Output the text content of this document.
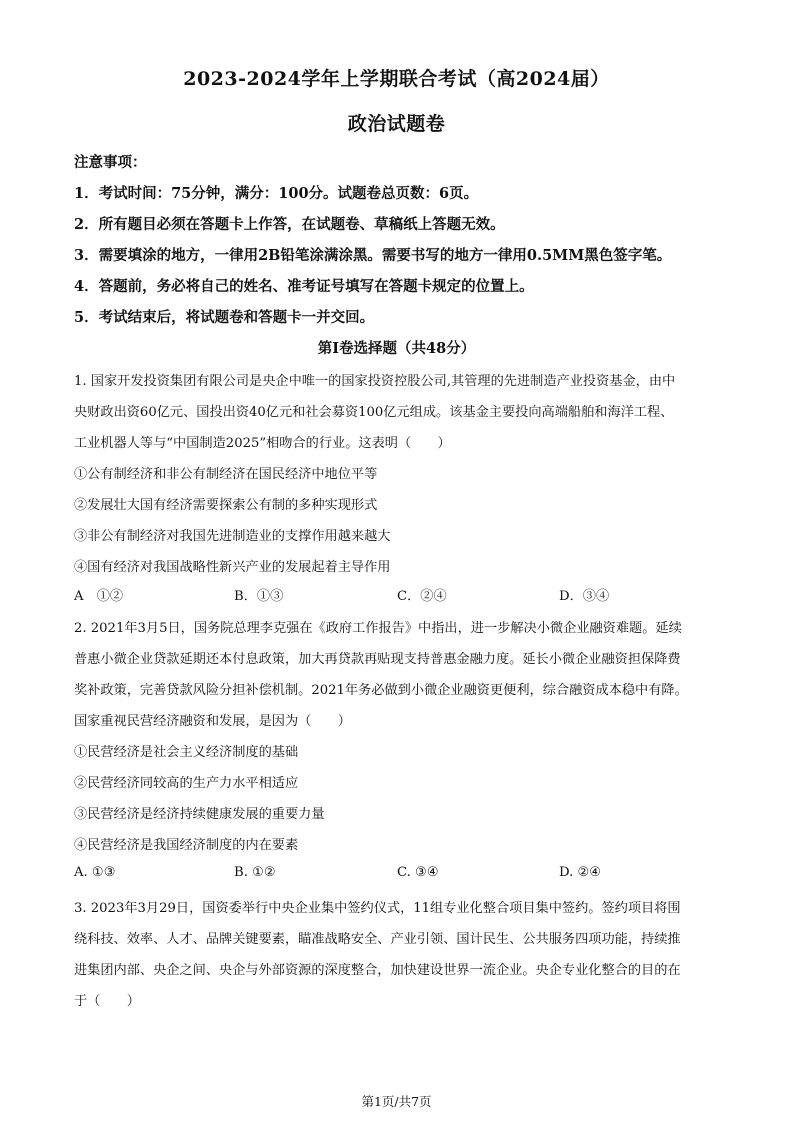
2023-2024学年上学期联合考试（高2024届）
政治试题卷
注意事项：
1．考试时间：75分钟，满分：100分。试题卷总页数：6页。
2．所有题目必须在答题卡上作答，在试题卷、草稿纸上答题无效。
3．需要填涂的地方，一律用2B铅笔涂满涂黑。需要书写的地方一律用0.5MM黑色签字笔。
4．答题前，务必将自己的姓名、准考证号填写在答题卡规定的位置上。
5．考试结束后，将试题卷和答题卡一并交回。
第Ⅰ卷选择题（共48分）
1. 国家开发投资集团有限公司是央企中唯一的国家投资控股公司,其管理的先进制造产业投资基金，由中
央财政出资60亿元、国投出资40亿元和社会募资100亿元组成。该基金主要投向高端船舶和海洋工程、
工业机器人等与“中国制造2025”相吻合的行业。这表明（　　）
①公有制经济和非公有制经济在国民经济中地位平等
②发展壮大国有经济需要探索公有制的多种实现形式
③非公有制经济对我国先进制造业的支撑作用越来越大
④国有经济对我国战略性新兴产业的发展起着主导作用
A　①②	B．①③	C．②④	D．③④
2. 2021年3月5日，国务院总理李克强在《政府工作报告》中指出，进一步解决小微企业融资难题。延续
普惠小微企业贷款延期还本付息政策，加大再贷款再贴现支持普惠金融力度。延长小微企业融资担保降费
奖补政策，完善贷款风险分担补偿机制。2021年务必做到小微企业融资更便利，综合融资成本稳中有降。
国家重视民营经济融资和发展，是因为（　　）
①民营经济是社会主义经济制度的基础
②民营经济同较高的生产力水平相适应
③民营经济是经济持续健康发展的重要力量
④民营经济是我国经济制度的内在要素
A. ①③	B. ①②	C. ③④	D. ②④
3. 2023年3月29日，国资委举行中央企业集中签约仪式，11组专业化整合项目集中签约。签约项目将围
绕科技、效率、人才、品牌关键要素，瞄准战略安全、产业引领、国计民生、公共服务四项功能，持续推
进集团内部、央企之间、央企与外部资源的深度整合，加快建设世界一流企业。央企专业化整合的目的在
于（　　）
第1页/共7页
